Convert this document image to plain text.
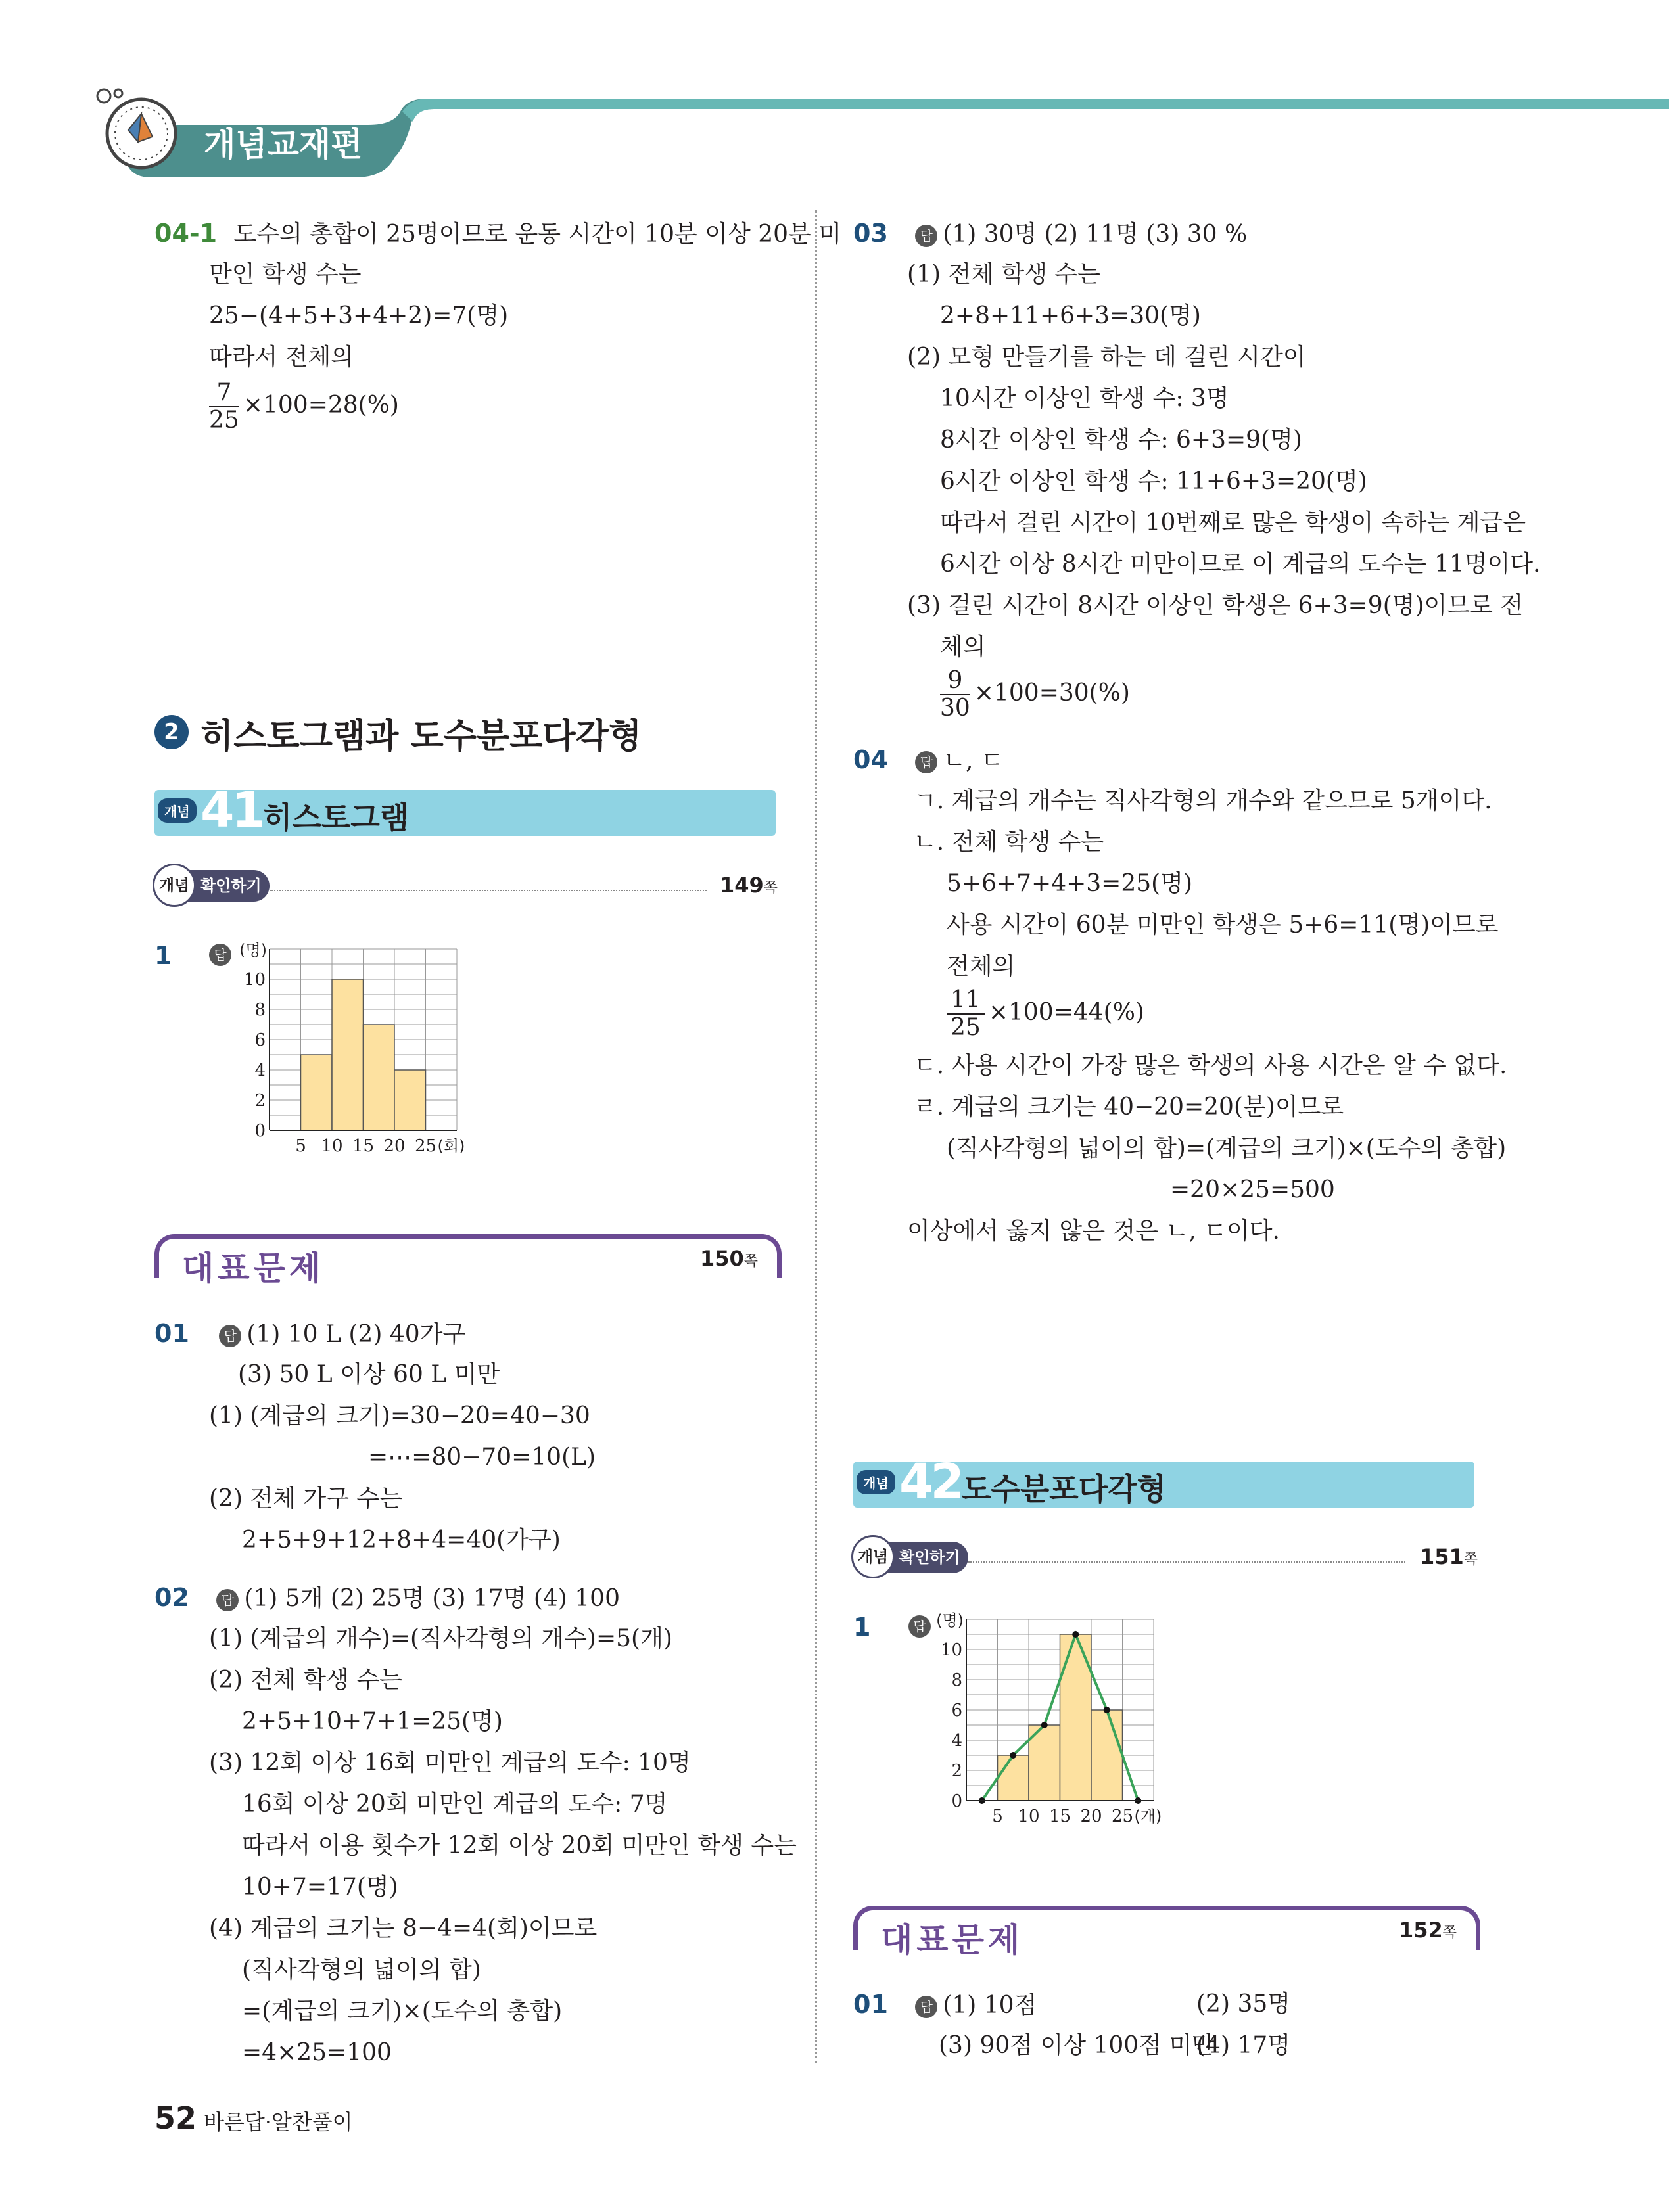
개념교재편
04-1 도수의 총합이 25명이므로 운동 시간이 10분 이상 20분 미
만인 학생 수는
25−(4+5+3+4+2)=7(명)
따라서 전체의
$\frac{7}{25} \times 100=28(\%)$
2 히스토그램과 도수분포다각형
개념 41 히스토그램
개념 확인하기	149쪽
1	답
0
2
4
6
8
10
5 10 15 20 25
(명)
(회)
대표문제	150쪽
01	답 (1) 10 L (2) 40가구
(3) 50 L 이상 60 L 미만
(1) (계급의 크기)=30−20=40−30
=⋯=80−70=10(L)
(2) 전체 가구 수는
2+5+9+12+8+4=40(가구)
02 답 (1) 5개 (2) 25명 (3) 17명 (4) 100
(1) (계급의 개수)=(직사각형의 개수)=5(개)
(2) 전체 학생 수는
2+5+10+7+1=25(명)
(3) 12회 이상 16회 미만인 계급의 도수: 10명
16회 이상 20회 미만인 계급의 도수: 7명
따라서 이용 횟수가 12회 이상 20회 미만인 학생 수는
10+7=17(명)
(4) 계급의 크기는 8−4=4(회)이므로
(직사각형의 넓이의 합)
=(계급의 크기)×(도수의 총합)
=4×25=100
52 바른답·알찬풀이
03 답 (1) 30명 (2) 11명 (3) 30 %
(1) 전체 학생 수는
2+8+11+6+3=30(명)
(2) 모형 만들기를 하는 데 걸린 시간이
10시간 이상인 학생 수: 3명
8시간 이상인 학생 수: 6+3=9(명)
6시간 이상인 학생 수: 11+6+3=20(명)
따라서 걸린 시간이 10번째로 많은 학생이 속하는 계급은
6시간 이상 8시간 미만이므로 이 계급의 도수는 11명이다.
(3) 걸린 시간이 8시간 이상인 학생은 6+3=9(명)이므로 전
체의
$\frac{9}{30} \times 100=30(\%)$
04 답 ㄴ, ㄷ
ㄱ. 계급의 개수는 직사각형의 개수와 같으므로 5개이다.
ㄴ. 전체 학생 수는
5+6+7+4+3=25(명)
사용 시간이 60분 미만인 학생은 5+6=11(명)이므로
전체의
$\frac{11}{25} \times 100=44(\%)$
ㄷ. 사용 시간이 가장 많은 학생의 사용 시간은 알 수 없다.
ㄹ. 계급의 크기는 40−20=20(분)이므로
(직사각형의 넓이의 합)=(계급의 크기)×(도수의 총합)
=20×25=500
이상에서 옳지 않은 것은 ㄴ, ㄷ이다.
개념 42 도수분포다각형
개념 확인하기	151쪽
1	답
0
2
4
6
8
10
5 10 15 20 25
(명)
(개)
대표문제	152쪽
01 답 (1) 10점	(2) 35명
(3) 90점 이상 100점 미만
(4) 17명
